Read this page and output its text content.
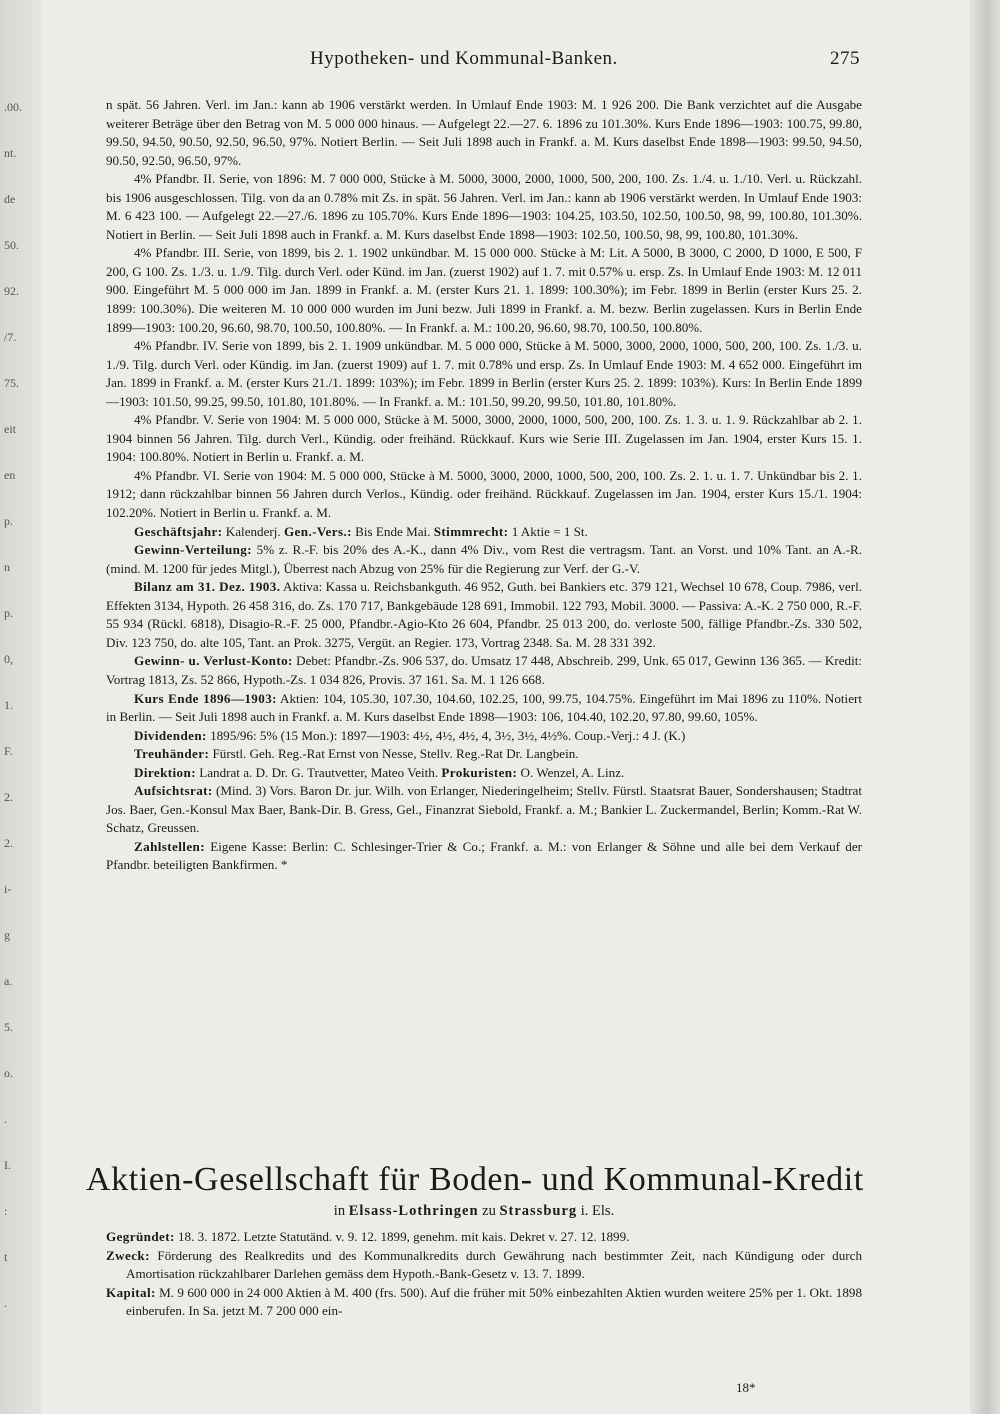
.00.
nt.
de
50.
92.
/7.
75.
eit
en
p.
n
p.
0,
1.
F.
2.
2.
i-
g
a.
5.
o.
.
I.
:
t
.
Hypotheken- und Kommunal-Banken.	275

n spät. 56 Jahren. Verl. im Jan.: kann ab 1906 verstärkt werden. In Umlauf Ende 1903: M. 1 926 200. Die Bank verzichtet auf die Ausgabe weiterer Beträge über den Betrag von M. 5 000 000 hinaus. — Aufgelegt 22.—27. 6. 1896 zu 101.30%. Kurs Ende 1896—1903: 100.75, 99.80, 99.50, 94.50, 90.50, 92.50, 96.50, 97%. Notiert Berlin. — Seit Juli 1898 auch in Frankf. a. M. Kurs daselbst Ende 1898—1903: 99.50, 94.50, 90.50, 92.50, 96.50, 97%.

4% Pfandbr. II. Serie, von 1896: M. 7 000 000, Stücke à M. 5000, 3000, 2000, 1000, 500, 200, 100. Zs. 1./4. u. 1./10. Verl. u. Rückzahl. bis 1906 ausgeschlossen. Tilg. von da an 0.78% mit Zs. in spät. 56 Jahren. Verl. im Jan.: kann ab 1906 verstärkt werden. In Umlauf Ende 1903: M. 6 423 100. — Aufgelegt 22.—27./6. 1896 zu 105.70%. Kurs Ende 1896—1903: 104.25, 103.50, 102.50, 100.50, 98, 99, 100.80, 101.30%. Notiert in Berlin. — Seit Juli 1898 auch in Frankf. a. M. Kurs daselbst Ende 1898—1903: 102.50, 100.50, 98, 99, 100.80, 101.30%.

4% Pfandbr. III. Serie, von 1899, bis 2. 1. 1902 unkündbar. M. 15 000 000. Stücke à M: Lit. A 5000, B 3000, C 2000, D 1000, E 500, F 200, G 100. Zs. 1./3. u. 1./9. Tilg. durch Verl. oder Künd. im Jan. (zuerst 1902) auf 1. 7. mit 0.57% u. ersp. Zs. In Umlauf Ende 1903: M. 12 011 900. Eingeführt M. 5 000 000 im Jan. 1899 in Frankf. a. M. (erster Kurs 21. 1. 1899: 100.30%); im Febr. 1899 in Berlin (erster Kurs 25. 2. 1899: 100.30%). Die weiteren M. 10 000 000 wurden im Juni bezw. Juli 1899 in Frankf. a. M. bezw. Berlin zugelassen. Kurs in Berlin Ende 1899—1903: 100.20, 96.60, 98.70, 100.50, 100.80%. — In Frankf. a. M.: 100.20, 96.60, 98.70, 100.50, 100.80%.

4% Pfandbr. IV. Serie von 1899, bis 2. 1. 1909 unkündbar. M. 5 000 000, Stücke à M. 5000, 3000, 2000, 1000, 500, 200, 100. Zs. 1./3. u. 1./9. Tilg. durch Verl. oder Kündig. im Jan. (zuerst 1909) auf 1. 7. mit 0.78% und ersp. Zs. In Umlauf Ende 1903: M. 4 652 000. Eingeführt im Jan. 1899 in Frankf. a. M. (erster Kurs 21./1. 1899: 103%); im Febr. 1899 in Berlin (erster Kurs 25. 2. 1899: 103%). Kurs: In Berlin Ende 1899—1903: 101.50, 99.25, 99.50, 101.80, 101.80%. — In Frankf. a. M.: 101.50, 99.20, 99.50, 101.80, 101.80%.

4% Pfandbr. V. Serie von 1904: M. 5 000 000, Stücke à M. 5000, 3000, 2000, 1000, 500, 200, 100. Zs. 1. 3. u. 1. 9. Rückzahlbar ab 2. 1. 1904 binnen 56 Jahren. Tilg. durch Verl., Kündig. oder freihänd. Rückkauf. Kurs wie Serie III. Zugelassen im Jan. 1904, erster Kurs 15. 1. 1904: 100.80%. Notiert in Berlin u. Frankf. a. M.

4% Pfandbr. VI. Serie von 1904: M. 5 000 000, Stücke à M. 5000, 3000, 2000, 1000, 500, 200, 100. Zs. 2. 1. u. 1. 7. Unkündbar bis 2. 1. 1912; dann rückzahlbar binnen 56 Jahren durch Verlos., Kündig. oder freihänd. Rückkauf. Zugelassen im Jan. 1904, erster Kurs 15./1. 1904: 102.20%. Notiert in Berlin u. Frankf. a. M.

Geschäftsjahr: Kalenderj. Gen.-Vers.: Bis Ende Mai. Stimmrecht: 1 Aktie = 1 St.

Gewinn-Verteilung: 5% z. R.-F. bis 20% des A.-K., dann 4% Div., vom Rest die vertragsm. Tant. an Vorst. und 10% Tant. an A.-R. (mind. M. 1200 für jedes Mitgl.), Überrest nach Abzug von 25% für die Regierung zur Verf. der G.-V.

Bilanz am 31. Dez. 1903. Aktiva: Kassa u. Reichsbankguth. 46 952, Guth. bei Bankiers etc. 379 121, Wechsel 10 678, Coup. 7986, verl. Effekten 3134, Hypoth. 26 458 316, do. Zs. 170 717, Bankgebäude 128 691, Immobil. 122 793, Mobil. 3000. — Passiva: A.-K. 2 750 000, R.-F. 55 934 (Rückl. 6818), Disagio-R.-F. 25 000, Pfandbr.-Agio-Kto 26 604, Pfandbr. 25 013 200, do. verloste 500, fällige Pfandbr.-Zs. 330 502, Div. 123 750, do. alte 105, Tant. an Prok. 3275, Vergüt. an Regier. 173, Vortrag 2348. Sa. M. 28 331 392.

Gewinn- u. Verlust-Konto: Debet: Pfandbr.-Zs. 906 537, do. Umsatz 17 448, Abschreib. 299, Unk. 65 017, Gewinn 136 365. — Kredit: Vortrag 1813, Zs. 52 866, Hypoth.-Zs. 1 034 826, Provis. 37 161. Sa. M. 1 126 668.

Kurs Ende 1896—1903: Aktien: 104, 105.30, 107.30, 104.60, 102.25, 100, 99.75, 104.75%. Eingeführt im Mai 1896 zu 110%. Notiert in Berlin. — Seit Juli 1898 auch in Frankf. a. M. Kurs daselbst Ende 1898—1903: 106, 104.40, 102.20, 97.80, 99.60, 105%.

Dividenden: 1895/96: 5% (15 Mon.): 1897—1903: 4½, 4½, 4½, 4, 3½, 3½, 4½%. Coup.-Verj.: 4 J. (K.)

Treuhänder: Fürstl. Geh. Reg.-Rat Ernst von Nesse, Stellv. Reg.-Rat Dr. Langbein.

Direktion: Landrat a. D. Dr. G. Trautvetter, Mateo Veith. Prokuristen: O. Wenzel, A. Linz.

Aufsichtsrat: (Mind. 3) Vors. Baron Dr. jur. Wilh. von Erlanger, Niederingelheim; Stellv. Fürstl. Staatsrat Bauer, Sondershausen; Stadtrat Jos. Baer, Gen.-Konsul Max Baer, Bank-Dir. B. Gress, Gel., Finanzrat Siebold, Frankf. a. M.; Bankier L. Zuckermandel, Berlin; Komm.-Rat W. Schatz, Greussen.

Zahlstellen: Eigene Kasse: Berlin: C. Schlesinger-Trier & Co.; Frankf. a. M.: von Erlanger & Söhne und alle bei dem Verkauf der Pfandbr. beteiligten Bankfirmen. *

Aktien-Gesellschaft für Boden- und Kommunal-Kredit
in Elsass-Lothringen zu Strassburg i. Els.

Gegründet: 18. 3. 1872. Letzte Statutänd. v. 9. 12. 1899, genehm. mit kais. Dekret v. 27. 12. 1899.

Zweck: Förderung des Realkredits und des Kommunalkredits durch Gewährung nach bestimmter Zeit, nach Kündigung oder durch Amortisation rückzahlbarer Darlehen gemäss dem Hypoth.-Bank-Gesetz v. 13. 7. 1899.

Kapital: M. 9 600 000 in 24 000 Aktien à M. 400 (frs. 500). Auf die früher mit 50% einbezahlten Aktien wurden weitere 25% per 1. Okt. 1898 einberufen. In Sa. jetzt M. 7 200 000 ein-

18*
